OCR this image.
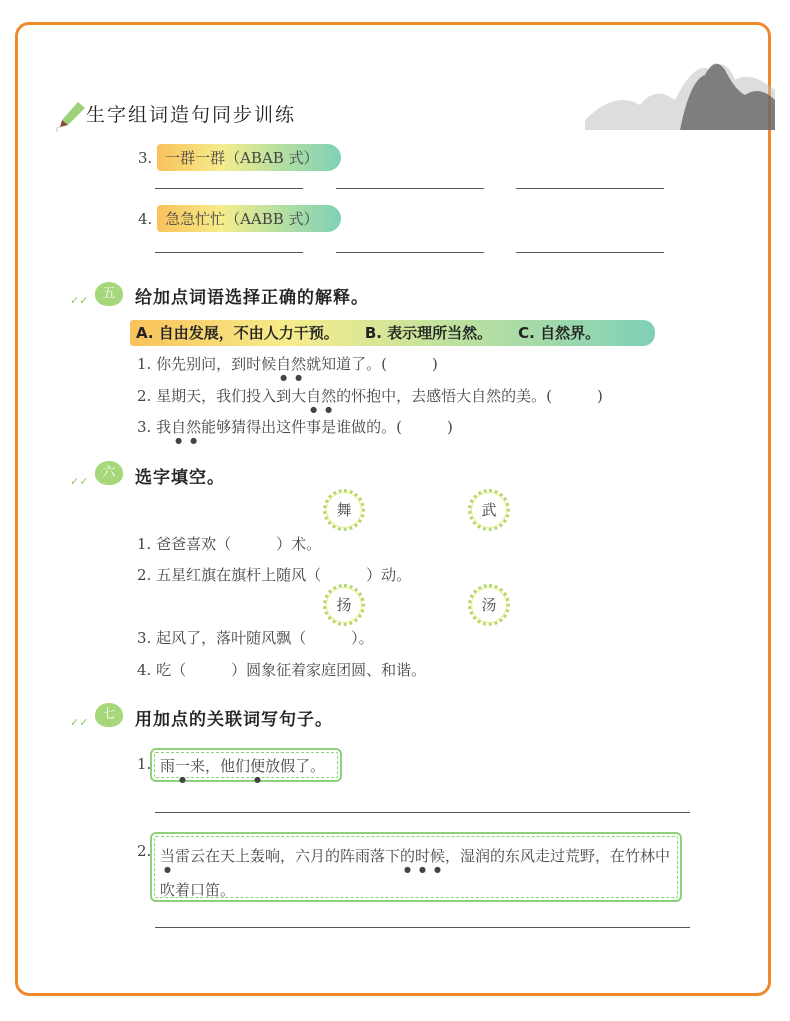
生字组词造句同步训练
3. 一群一群（ABAB 式）
4. 急急忙忙（AABB 式）
✓✓	五	给加点词语选择正确的解释。
A. 自由发展，不由人力干预。 B. 表示理所当然。 C. 自然界。
1. 你先别问，到时候自然就知道了。(　　　)
2. 星期天，我们投入到大自然的怀抱中，去感悟大自然的美。(　　　)
3. 我自然能够猜得出这件事是谁做的。(　　　)
✓✓
六	选字填空。
舞	武
1. 爸爸喜欢（　　　）术。
2. 五星红旗在旗杆上随风（　　　）动。
扬	汤
3. 起风了，落叶随风飘（　　　）。
4. 吃（　　　）圆象征着家庭团圆、和谐。
✓✓
七	用加点的关联词写句子。
1. 雨一来，他们便放假了。
2. 当雷云在天上轰响，六月的阵雨落下的时候，湿润的东风走过荒野，在竹林中吹着口笛。
